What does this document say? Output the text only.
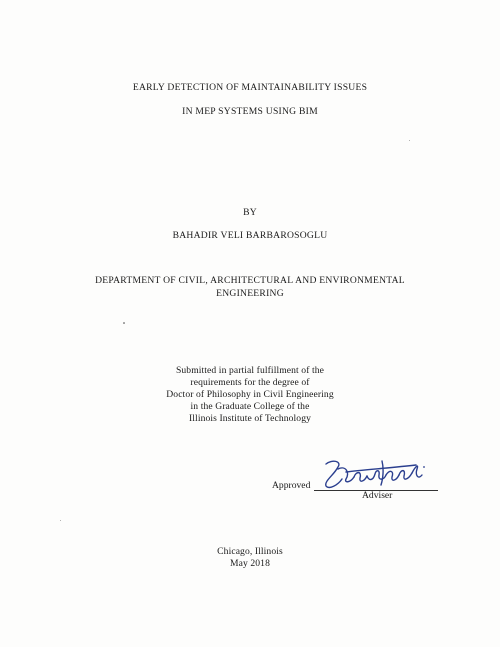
EARLY DETECTION OF MAINTAINABILITY ISSUES
IN MEP SYSTEMS USING BIM
BY
BAHADIR VELI BARBAROSOGLU
DEPARTMENT OF CIVIL, ARCHITECTURAL AND ENVIRONMENTAL
ENGINEERING
Submitted in partial fulfillment of the
requirements for the degree of
Doctor of Philosophy in Civil Engineering
in the Graduate College of the
Illinois Institute of Technology
Approved
Adviser
Chicago, Illinois
May 2018
